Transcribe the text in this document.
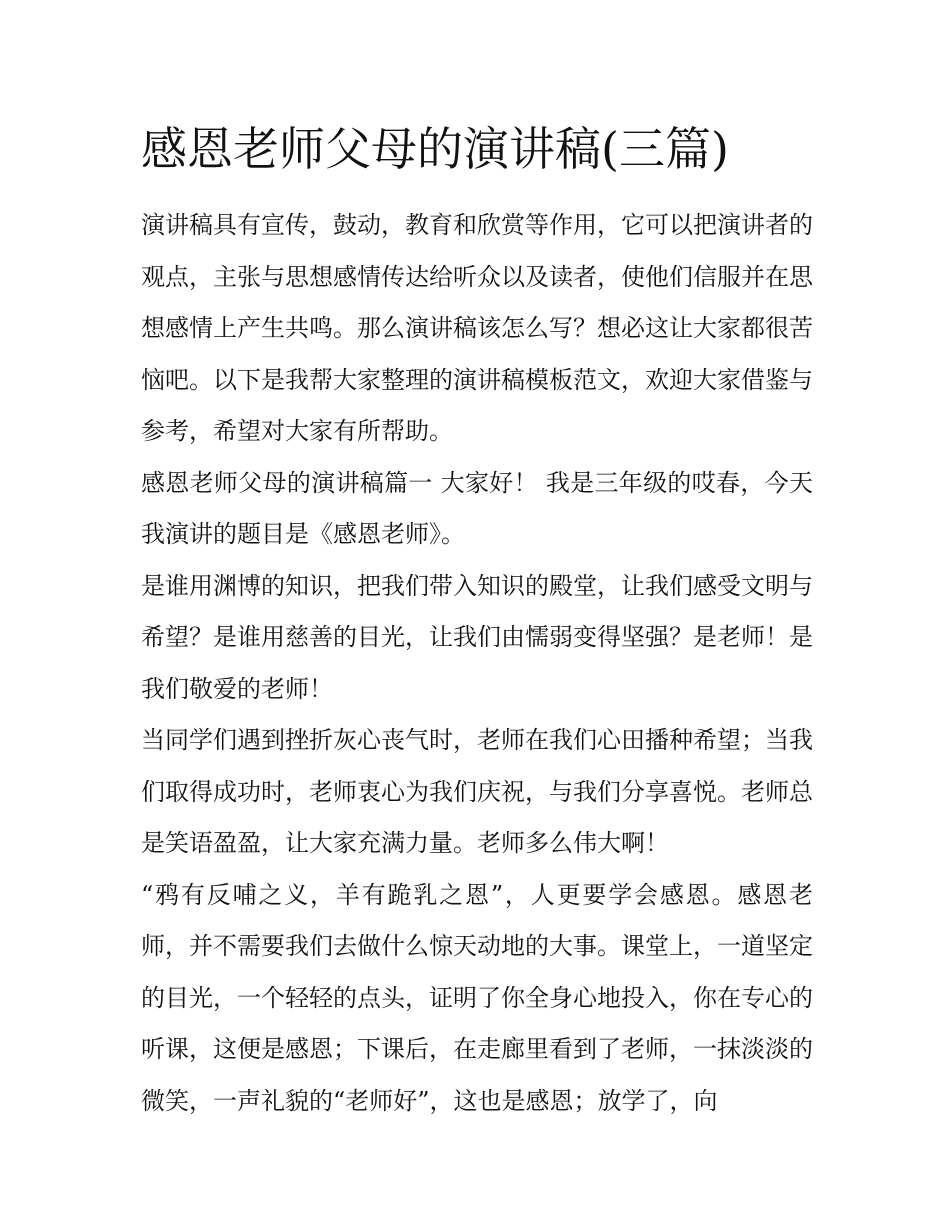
感恩老师父母的演讲稿(三篇)

演讲稿具有宣传，鼓动，教育和欣赏等作用，它可以把演讲者的观点，主张与思想感情传达给听众以及读者，使他们信服并在思想感情上产生共鸣。那么演讲稿该怎么写？想必这让大家都很苦恼吧。以下是我帮大家整理的演讲稿模板范文，欢迎大家借鉴与参考，希望对大家有所帮助。

感恩老师父母的演讲稿篇一 大家好！ 我是三年级的哎春，今天我演讲的题目是《感恩老师》。

是谁用渊博的知识，把我们带入知识的殿堂，让我们感受文明与希望？是谁用慈善的目光，让我们由懦弱变得坚强？是老师！是我们敬爱的老师！

当同学们遇到挫折灰心丧气时，老师在我们心田播种希望；当我们取得成功时，老师衷心为我们庆祝，与我们分享喜悦。老师总是笑语盈盈，让大家充满力量。老师多么伟大啊！

“鸦有反哺之义，羊有跪乳之恩”，人更要学会感恩。感恩老师，并不需要我们去做什么惊天动地的大事。课堂上，一道坚定的目光，一个轻轻的点头，证明了你全身心地投入，你在专心的听课，这便是感恩；下课后，在走廊里看到了老师，一抹淡淡的微笑，一声礼貌的“老师好”，这也是感恩；放学了，向
